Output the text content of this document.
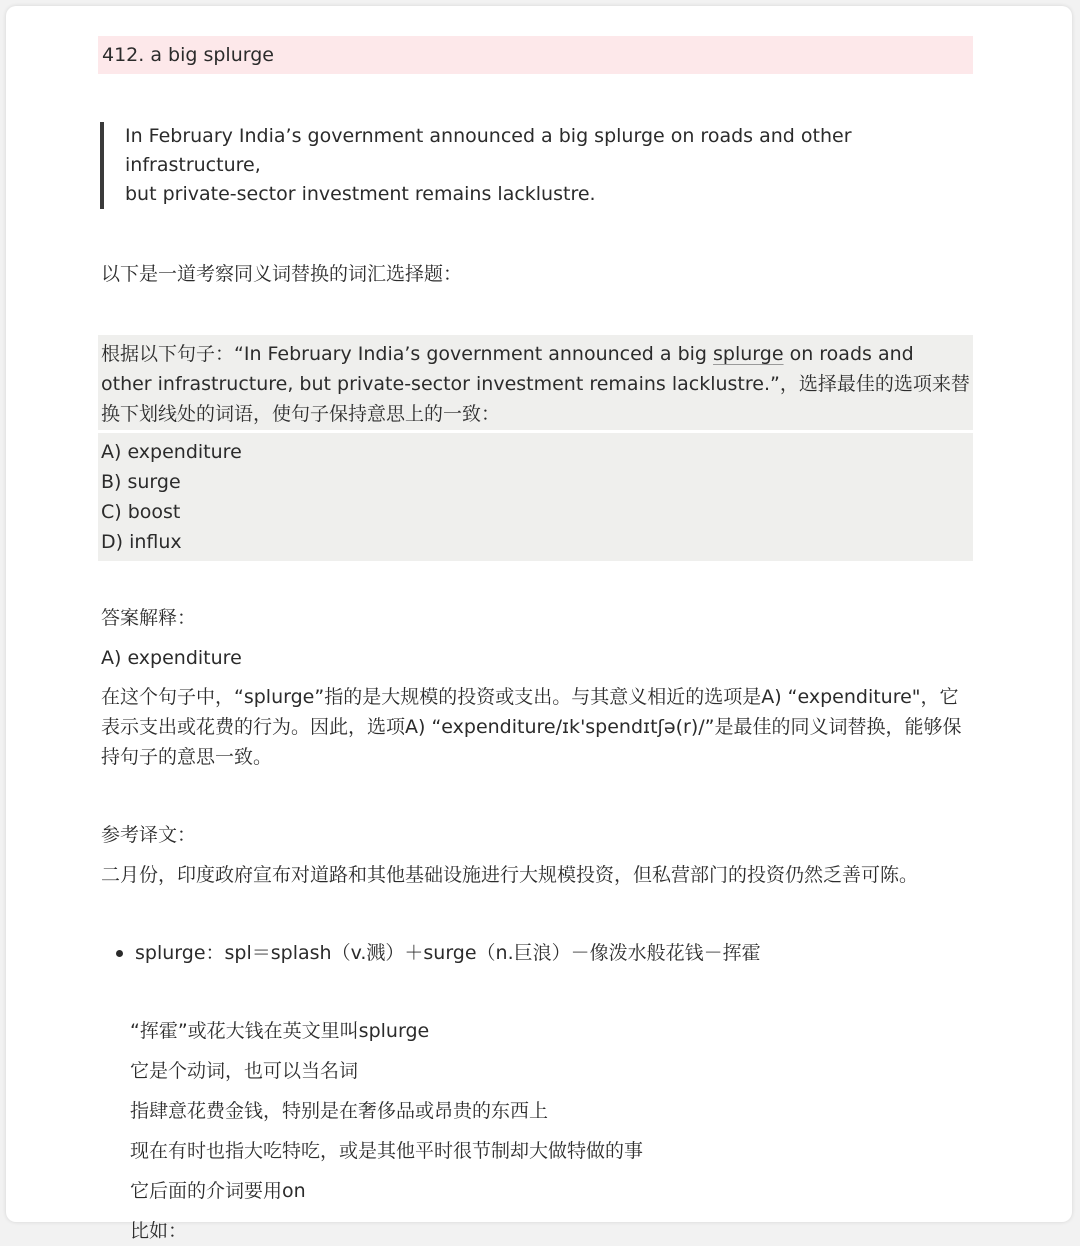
412. a big splurge
In February India’s government announced a big splurge on roads and other infrastructure,
but private-sector investment remains lacklustre.
以下是一道考察同义词替换的词汇选择题：
根据以下句子：“In February India’s government announced a big splurge on roads and other infrastructure, but private-sector investment remains lacklustre.”，选择最佳的选项来替换下划线处的词语，使句子保持意思上的一致：
A) expenditure
B) surge
C) boost
D) influx
答案解释：
A) expenditure
在这个句子中，“splurge”指的是大规模的投资或支出。与其意义相近的选项是A) “expenditure"，它表示支出或花费的行为。因此，选项A) “expenditure/ɪk'spendɪtʃə(r)/”是最佳的同义词替换，能够保持句子的意思一致。
参考译文：
二月份，印度政府宣布对道路和其他基础设施进行大规模投资，但私营部门的投资仍然乏善可陈。
splurge：spl＝splash（v.溅）＋surge（n.巨浪）－像泼水般花钱－挥霍
“挥霍”或花大钱在英文里叫splurge
它是个动词，也可以当名词
指肆意花费金钱，特别是在奢侈品或昂贵的东西上
现在有时也指大吃特吃，或是其他平时很节制却大做特做的事
它后面的介词要用on
比如：
